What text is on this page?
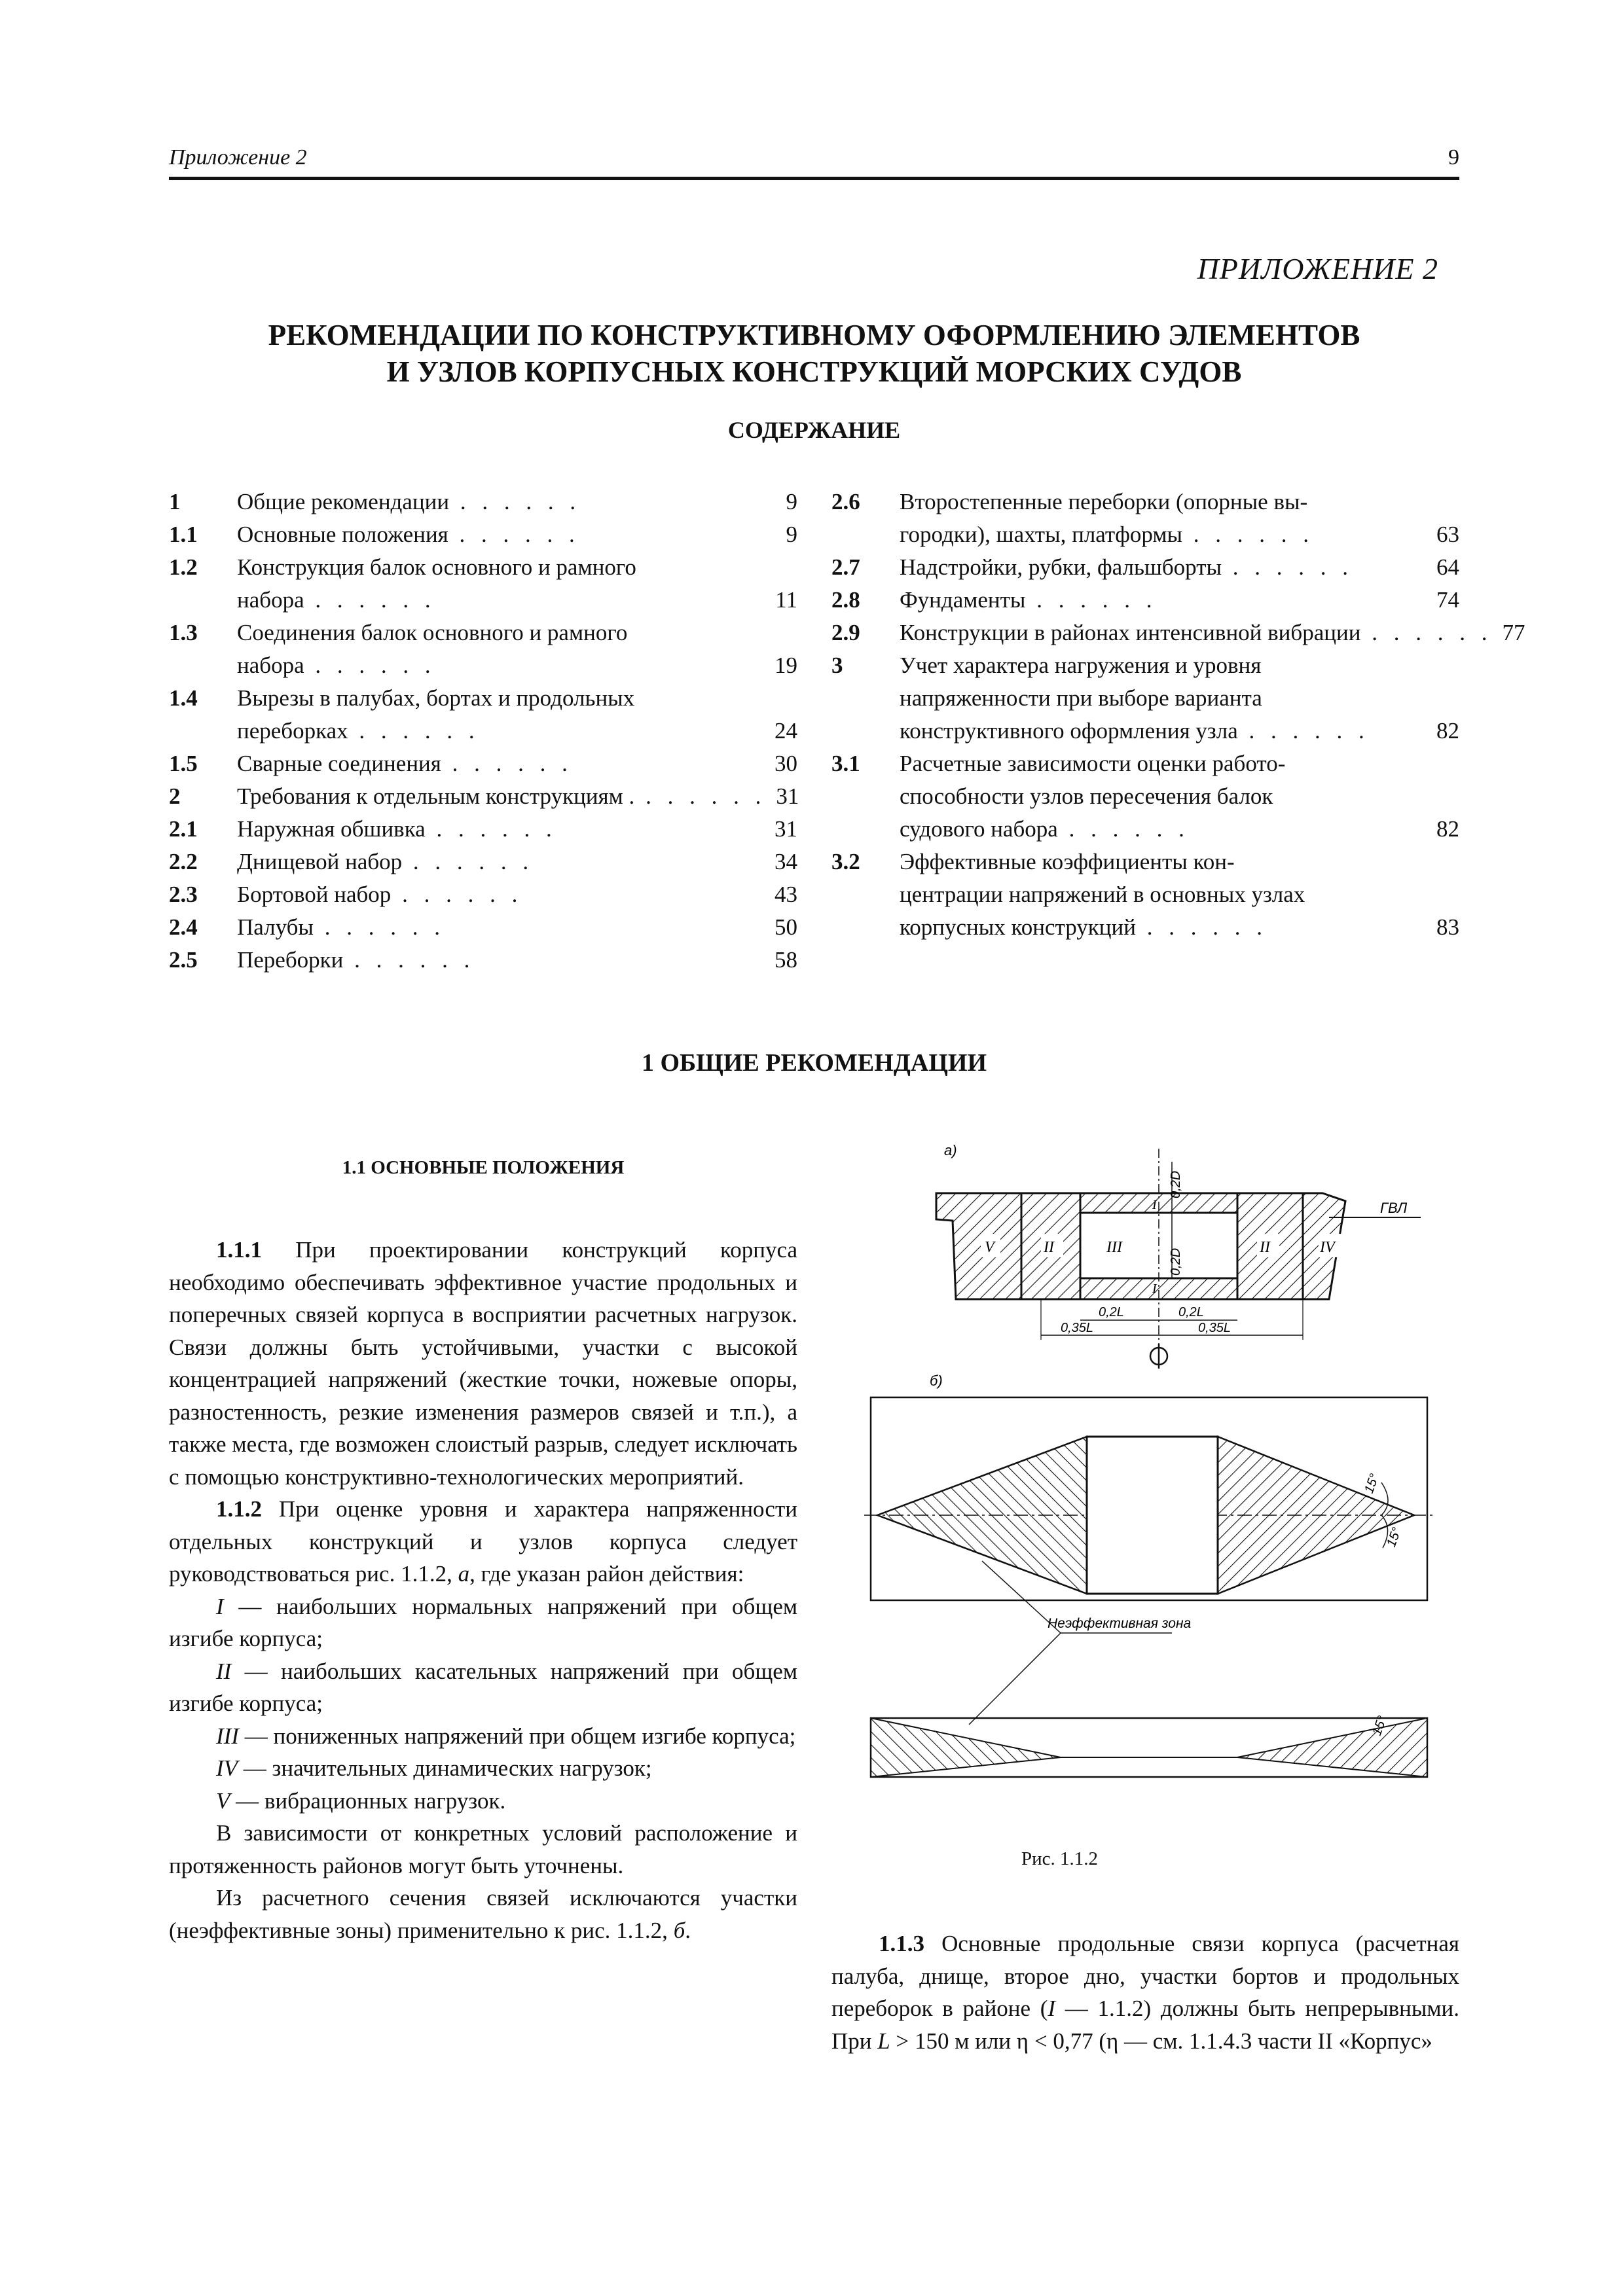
Приложение 2	9
ПРИЛОЖЕНИЕ 2
РЕКОМЕНДАЦИИ ПО КОНСТРУКТИВНОМУ ОФОРМЛЕНИЮ ЭЛЕМЕНТОВ
И УЗЛОВ КОРПУСНЫХ КОНСТРУКЦИЙ МОРСКИХ СУДОВ
СОДЕРЖАНИЕ
1	Общие рекомендации . . . . . .	9
1.1	Основные положения . . . . . .	9
1.2	Конструкция балок основного и рамного
набора . . . . . .	11
1.3	Соединения балок основного и рамного
набора . . . . . .	19
1.4	Вырезы в палубах, бортах и продольных
переборках . . . . . .	24
1.5	Сварные соединения . . . . . .	30
2	Требования к отдельным конструкциям . . . . . . . 31
2.1	Наружная обшивка . . . . . .	31
2.2	Днищевой набор . . . . . .	34
2.3	Бортовой набор . . . . . .	43
2.4	Палубы . . . . . .	50
2.5	Переборки . . . . . .	58
2.6	Второстепенные переборки (опорные вы-
городки), шахты, платформы . . . . . .	63
2.7	Надстройки, рубки, фальшборты . . . . . .	64
2.8	Фундаменты . . . . . .	74
2.9	Конструкции в районах интенсивной вибрации . . . . . . 77
3	Учет характера нагружения и уровня
напряженности при выборе варианта
конструктивного оформления узла . . . . . .	82
3.1	Расчетные зависимости оценки работо-
способности узлов пересечения балок
судового набора . . . . . .	82
3.2	Эффективные коэффициенты кон-
центрации напряжений в основных узлах
корпусных конструкций . . . . . .	83
1 ОБЩИЕ РЕКОМЕНДАЦИИ
1.1 ОСНОВНЫЕ ПОЛОЖЕНИЯ

1.1.1 При проектировании конструкций корпуса необходимо обеспечивать эффективное участие продольных и поперечных связей корпуса в восприятии расчетных нагрузок. Связи должны быть устойчивыми, участки с высокой концентрацией напряжений (жесткие точки, ножевые опоры, разностенность, резкие изменения размеров связей и т.п.), а также места, где возможен слоистый разрыв, следует исключать с помощью конструктивно-технологических мероприятий.

1.1.2 При оценке уровня и характера напряженности отдельных конструкций и узлов корпуса следует руководствоваться рис. 1.1.2, а, где указан район действия:

I — наибольших нормальных напряжений при общем изгибе корпуса;

II — наибольших касательных напряжений при общем изгибе корпуса;

III — пониженных напряжений при общем изгибе корпуса;

IV — значительных динамических нагрузок;

V — вибрационных нагрузок.

В зависимости от конкретных условий расположение и протяженность районов могут быть уточнены.

Из расчетного сечения связей исключаются участки (неэффективные зоны) применительно к рис. 1.1.2, б.

1.1.3 Основные продольные связи корпуса (расчетная палуба, днище, второе дно, участки бортов и продольных переборок в районе (I — 1.1.2) должны быть непрерывными. При L > 150 м или η < 0,77 (η — см. 1.1.4.3 части II «Корпус»

а)
V	II	III	II	IV
ГВЛ
0,2D
0,2D
I
I
0,2L	0,2L
0,35L	0,35L
б)
15°
15°
Неэффективная зона
15°
Рис. 1.1.2
